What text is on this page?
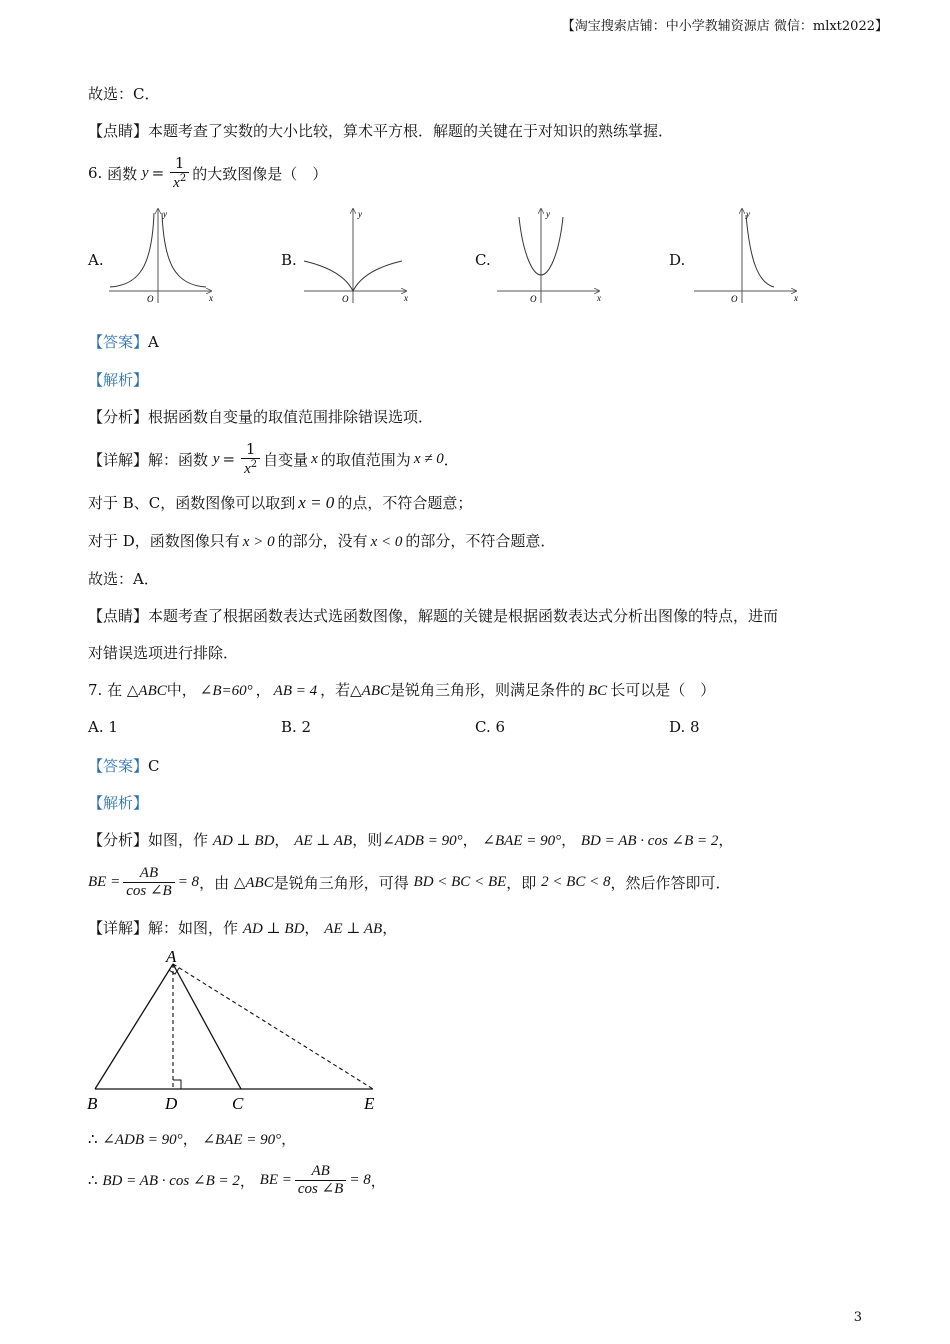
【淘宝搜索店铺：中小学教辅资源店 微信：mlxt2022】
故选：C．
【点睛】本题考查了实数的大小比较，算术平方根．解题的关键在于对知识的熟练掌握．
6.
函数
$y = \frac{1}{x^2}$ 的大致图像是（　）
A.	B.	C.	D.
y
x
O
y
x
O
y
x
O
y
x
O
【答案】A
【解析】
【分析】根据函数自变量的取值范围排除错误选项．
【详解】 解：函数
$y = \frac{1}{x^2}$ 自变量 x 的取值范围为 x ≠ 0 ．
对于 B、C，函数图像可以取到 x = 0 的点，不符合题意；
对于 D，函数图像只有 x > 0 的部分，没有 x < 0 的部分，不符合题意．
故选：A．
【点睛】本题考查了根据函数表达式选函数图像，解题的关键是根据函数表达式分析出图像的特点，进而
对错误选项进行排除．
7. 在 △ABC中， ∠B=60° ， AB = 4 ，若△ABC是锐角三角形，则满足条件的 BC 长可以是（　）
A. 1	B. 2	C. 6	D. 8
【答案】C
【解析】
【分析】如图，作 AD ⊥ BD， AE ⊥ AB，则∠ADB = 90°， ∠BAE = 90°， BD = AB · cos ∠B = 2，
BE = $\frac{AB}{\cos \angle B} = 8$ ，由
△ABC 是锐角三角形，可得
BD < BC < BE ，即
2 < BC < 8 ，然后作答即可．
【详解】解：如图，作 AD ⊥ BD， AE ⊥ AB，
A
B	D	C	E
∴ ∠ADB = 90°， ∠BAE = 90°，
∴
BD = AB · cos ∠B = 2 ，
BE = $\frac{AB}{\cos \angle B} = 8$ ，
3
